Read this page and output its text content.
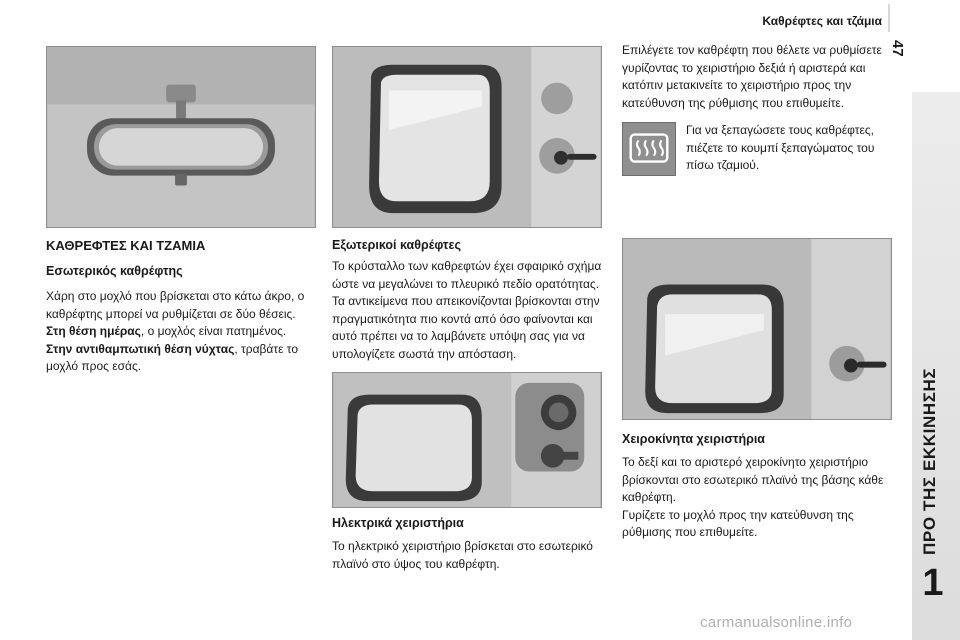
Καθρέφτες και τζάμια
47
ΠΡΟ ΤΗΣ ΕΚΚΙΝΗΣΗΣ
1
ΚΑΘΡΕΦΤΕΣ ΚΑΙ ΤΖΑΜΙΑ
Εσωτερικός καθρέφτης
Χάρη στο μοχλό που βρίσκεται στο κάτω άκρο, ο καθρέφτης μπορεί να ρυθμίζεται σε δύο θέσεις.
Στη θέση ημέρας, ο μοχλός είναι πατημένος.
Στην αντιθαμπωτική θέση νύχτας, τραβάτε το μοχλό προς εσάς.
Εξωτερικοί καθρέφτες
Το κρύσταλλο των καθρεφτών έχει σφαιρικό σχήμα ώστε να μεγαλώνει το πλευρικό πεδίο ορατότητας. Τα αντικείμενα που απεικονίζονται βρίσκονται στην πραγματικότητα πιο κοντά από όσο φαίνονται και αυτό πρέπει να το λαμβάνετε υπόψη σας για να υπολογίζετε σωστά την απόσταση.
Ηλεκτρικά χειριστήρια
Το ηλεκτρικό χειριστήριο βρίσκεται στο εσωτερικό πλαϊνό στο ύψος του καθρέφτη.
Επιλέγετε τον καθρέφτη που θέλετε να ρυθμίσετε γυρίζοντας το χειριστήριο δεξιά ή αριστερά και κατόπιν μετακινείτε το χειριστήριο προς την κατεύθυνση της ρύθμισης που επιθυμείτε.
Για να ξεπαγώσετε τους καθρέφτες, πιέζετε το κουμπί ξεπαγώματος του πίσω τζαμιού.
Χειροκίνητα χειριστήρια
Το δεξί και το αριστερό χειροκίνητο χειριστήριο βρίσκονται στο εσωτερικό πλαϊνό της βάσης κάθε καθρέφτη.
Γυρίζετε το μοχλό προς την κατεύθυνση της ρύθμισης που επιθυμείτε.
carmanualsonline.info
